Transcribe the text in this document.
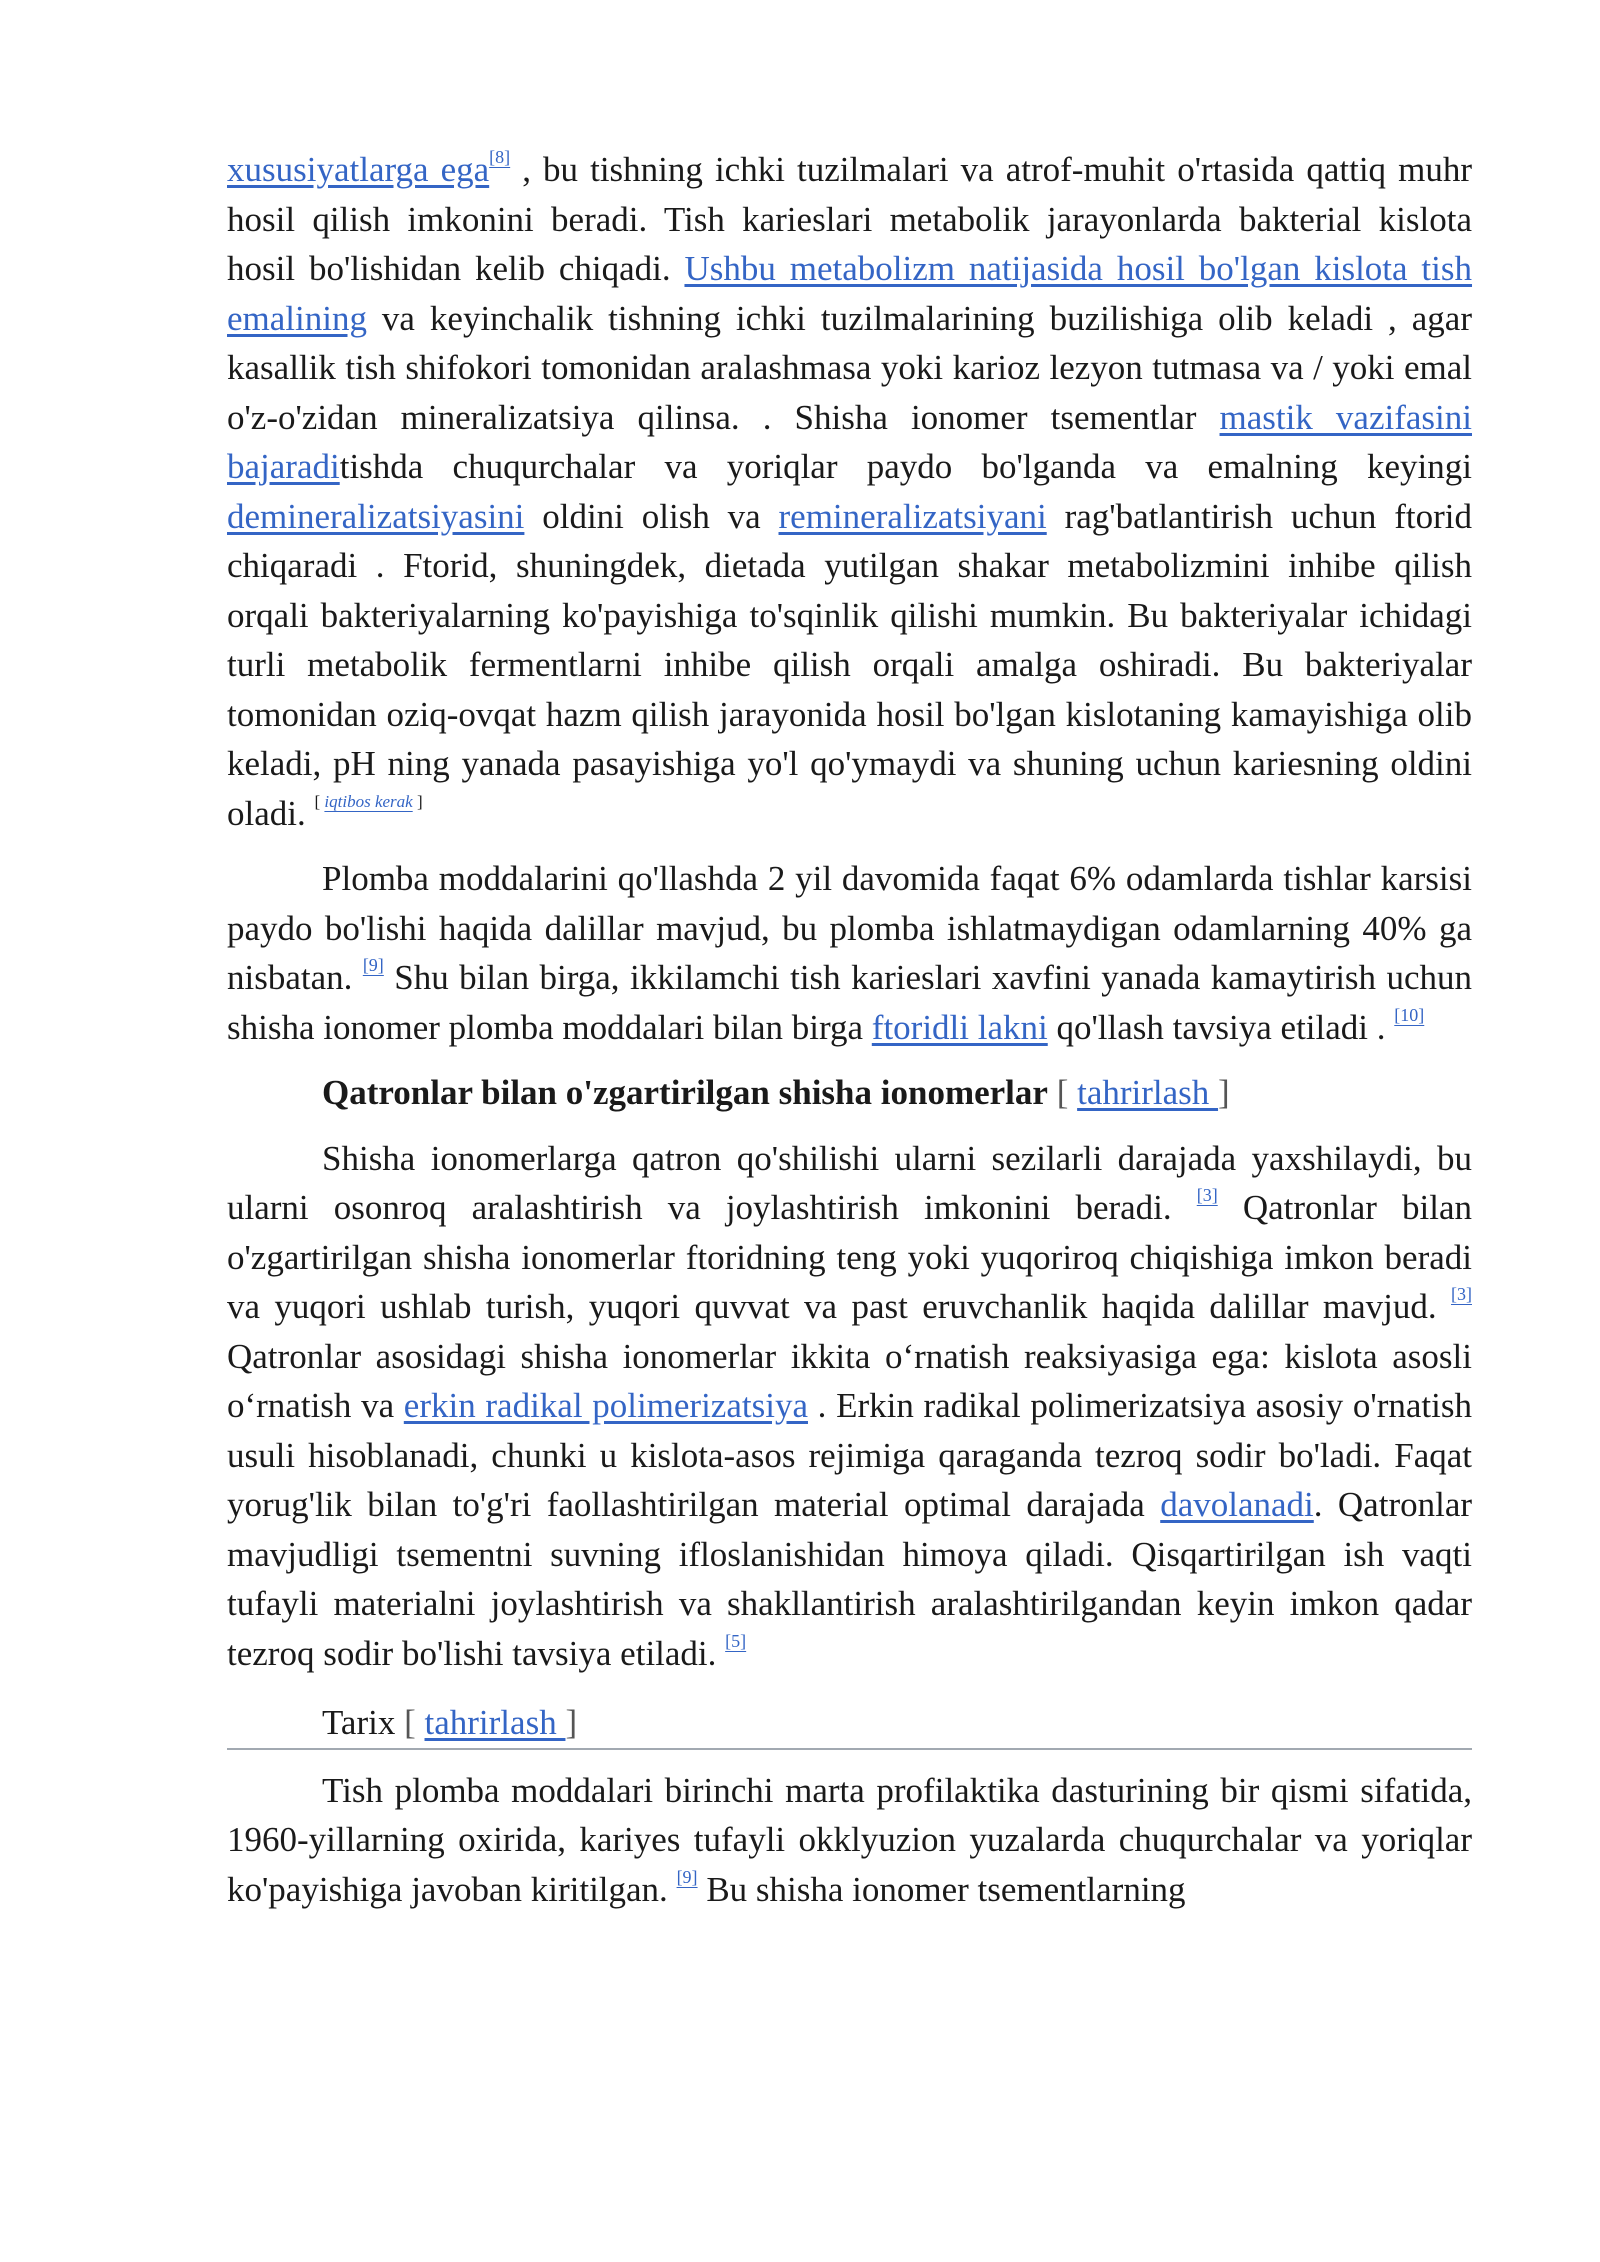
xususiyatlarga ega[8] , bu tishning ichki tuzilmalari va atrof-muhit o'rtasida qattiq muhr hosil qilish imkonini beradi. Tish karieslari metabolik jarayonlarda bakterial kislota hosil bo'lishidan kelib chiqadi. Ushbu metabolizm natijasida hosil bo'lgan kislota tish emalining va keyinchalik tishning ichki tuzilmalarining buzilishiga olib keladi , agar kasallik tish shifokori tomonidan aralashmasa yoki karioz lezyon tutmasa va / yoki emal o'z-o'zidan mineralizatsiya qilinsa. . Shisha ionomer tsementlar mastik vazifasini bajaraditishda chuqurchalar va yoriqlar paydo bo'lganda va emalning keyingi demineralizatsiyasini oldini olish va remineralizatsiyani rag'batlantirish uchun ftorid chiqaradi . Ftorid, shuningdek, dietada yutilgan shakar metabolizmini inhibe qilish orqali bakteriyalarning ko'payishiga to'sqinlik qilishi mumkin. Bu bakteriyalar ichidagi turli metabolik fermentlarni inhibe qilish orqali amalga oshiradi. Bu bakteriyalar tomonidan oziq-ovqat hazm qilish jarayonida hosil bo'lgan kislotaning kamayishiga olib keladi, pH ning yanada pasayishiga yo'l qo'ymaydi va shuning uchun kariesning oldini oladi. [ iqtibos kerak ]

Plomba moddalarini qo'llashda 2 yil davomida faqat 6% odamlarda tishlar karsisi paydo bo'lishi haqida dalillar mavjud, bu plomba ishlatmaydigan odamlarning 40% ga nisbatan. [9] Shu bilan birga, ikkilamchi tish karieslari xavfini yanada kamaytirish uchun shisha ionomer plomba moddalari bilan birga ftoridli lakni qo'llash tavsiya etiladi . [10]

Qatronlar bilan o'zgartirilgan shisha ionomerlar [ tahrirlash ]

Shisha ionomerlarga qatron qo'shilishi ularni sezilarli darajada yaxshilaydi, bu ularni osonroq aralashtirish va joylashtirish imkonini beradi. [3] Qatronlar bilan o'zgartirilgan shisha ionomerlar ftoridning teng yoki yuqoriroq chiqishiga imkon beradi va yuqori ushlab turish, yuqori quvvat va past eruvchanlik haqida dalillar mavjud. [3] Qatronlar asosidagi shisha ionomerlar ikkita o‘rnatish reaksiyasiga ega: kislota asosli o‘rnatish va erkin radikal polimerizatsiya . Erkin radikal polimerizatsiya asosiy o'rnatish usuli hisoblanadi, chunki u kislota-asos rejimiga qaraganda tezroq sodir bo'ladi. Faqat yorug'lik bilan to'g'ri faollashtirilgan material optimal darajada davolanadi. Qatronlar mavjudligi tsementni suvning ifloslanishidan himoya qiladi. Qisqartirilgan ish vaqti tufayli materialni joylashtirish va shakllantirish aralashtirilgandan keyin imkon qadar tezroq sodir bo'lishi tavsiya etiladi. [5]

Tarix [ tahrirlash ]

Tish plomba moddalari birinchi marta profilaktika dasturining bir qismi sifatida, 1960-yillarning oxirida, kariyes tufayli okklyuzion yuzalarda chuqurchalar va yoriqlar ko'payishiga javoban kiritilgan. [9] Bu shisha ionomer tsementlarning
